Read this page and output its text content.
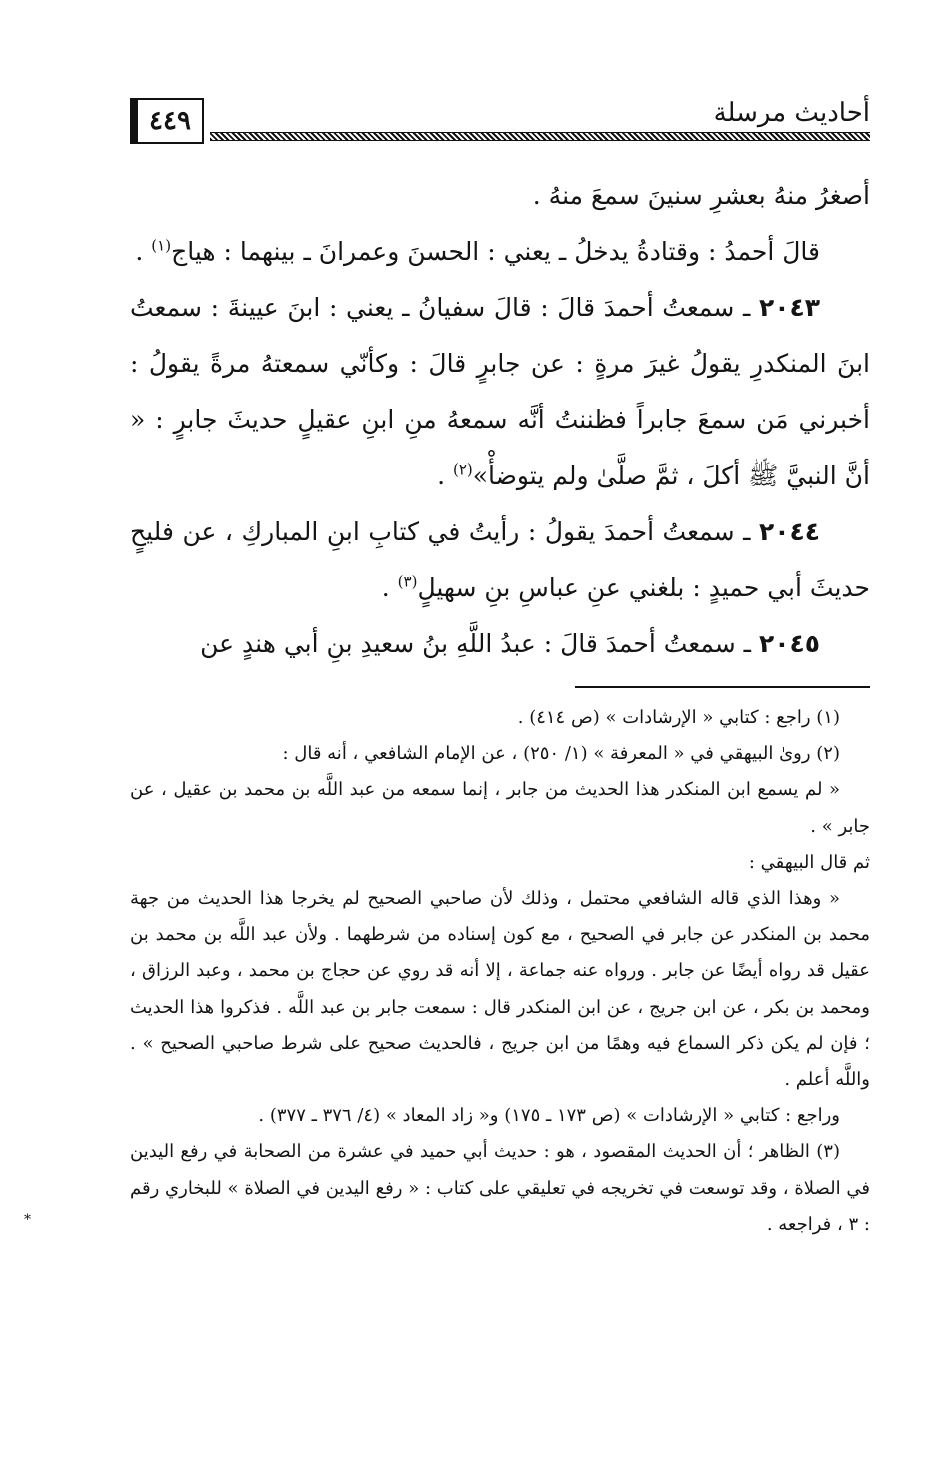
٤٤٩	أحاديث مرسلة

أصغرُ منهُ بعشرِ سنينَ سمعَ منهُ .

قالَ أحمدُ : وقتادةُ يدخلُ ـ يعني : الحسنَ وعمرانَ ـ بينهما : هياج$^{(١)}$ .

٢٠٤٣ ـ سمعتُ أحمدَ قالَ : قالَ سفيانُ ـ يعني : ابنَ عيينةَ : سمعتُ ابنَ المنكدرِ يقولُ غيرَ مرةٍ : عن جابرٍ قالَ : وكأنّي سمعتهُ مرةً يقولُ : أخبرني مَن سمعَ جابراً فظننتُ أنَّه سمعهُ منِ ابنِ عقيلٍ حديثَ جابرٍ : « أنَّ النبيَّ ﷺ أكلَ ، ثمَّ صلَّىٰ ولم يتوضأْ»$^{(٢)}$ .

٢٠٤٤ ـ سمعتُ أحمدَ يقولُ : رأيتُ في كتابِ ابنِ المباركِ ، عن فليحٍ حديثَ أبي حميدٍ : بلغني عنِ عباسِ بنِ سهيلٍ$^{(٣)}$ .

٢٠٤٥ ـ سمعتُ أحمدَ قالَ : عبدُ اللَّهِ بنُ سعيدِ بنِ أبي هندٍ عن

(١) راجع : كتابي « الإرشادات » (ص ٤١٤) .

(٢) روىٰ البيهقي في « المعرفة » (١/ ٢٥٠) ، عن الإمام الشافعي ، أنه قال :

« لم يسمع ابن المنكدر هذا الحديث من جابر ، إنما سمعه من عبد اللَّه بن محمد بن عقيل ، عن جابر » .

ثم قال البيهقي :

« وهذا الذي قاله الشافعي محتمل ، وذلك لأن صاحبي الصحيح لم يخرجا هذا الحديث من جهة محمد بن المنكدر عن جابر في الصحيح ، مع كون إسناده من شرطهما . ولأن عبد اللَّه بن محمد بن عقيل قد رواه أيضًا عن جابر . ورواه عنه جماعة ، إلا أنه قد روي عن حجاج بن محمد ، وعبد الرزاق ، ومحمد بن بكر ، عن ابن جريج ، عن ابن المنكدر قال : سمعت جابر بن عبد اللَّه . فذكروا هذا الحديث ؛ فإن لم يكن ذكر السماع فيه وهمًا من ابن جريج ، فالحديث صحيح على شرط صاحبي الصحيح » . واللَّه أعلم .

وراجع : كتابي « الإرشادات » (ص ١٧٣ ـ ١٧٥) و« زاد المعاد » (٤/ ٣٧٦ ـ ٣٧٧) .

(٣) الظاهر ؛ أن الحديث المقصود ، هو : حديث أبي حميد في عشرة من الصحابة في رفع اليدين في الصلاة ، وقد توسعت في تخريجه في تعليقي على كتاب : « رفع اليدين في الصلاة » للبخاري رقم : ٣ ، فراجعه .

*
